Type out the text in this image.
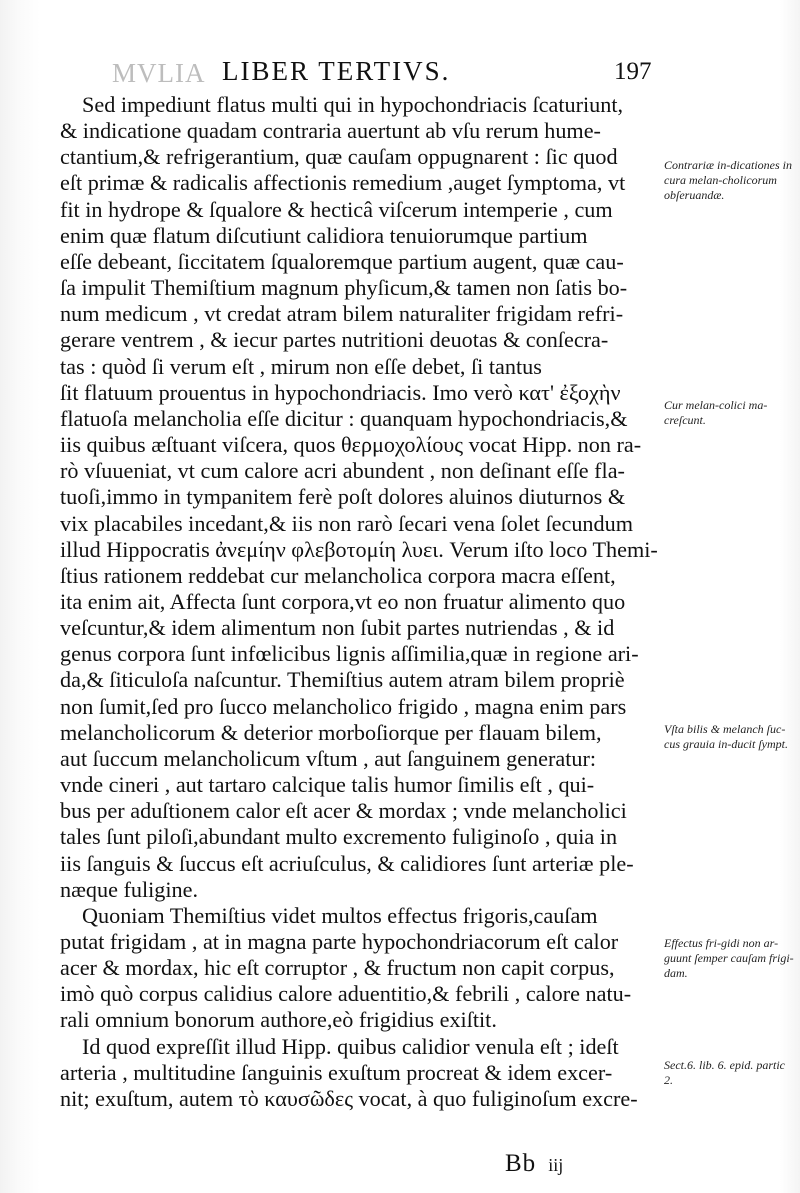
MVLIA LIBER TERTIVS.	197
Sed impediunt flatus multi qui in hypochondriacis ſcaturiunt,
& indicatione quadam contraria auertunt ab vſu rerum hume-
ctantium,& refrigerantium, quæ cauſam oppugnarent : ſic quod
eſt primæ & radicalis affectionis remedium ,auget ſymptoma, vt
fit in hydrope & ſqualore & hecticâ viſcerum intemperie , cum
enim quæ flatum diſcutiunt calidiora tenuiorumque partium
eſſe debeant, ſiccitatem ſqualoremque partium augent, quæ cau-
ſa impulit Themiſtium magnum phyſicum,& tamen non ſatis bo-
num medicum , vt credat atram bilem naturaliter frigidam refri-
gerare ventrem , & iecur partes nutritioni deuotas & conſecra-
tas : quòd ſi verum eſt , mirum non eſſe debet, ſi tantus
ſit flatuum prouentus in hypochondriacis. Imo verò κατ' ἐξοχὴν
flatuoſa melancholia eſſe dicitur : quanquam hypochondriacis,&
iis quibus æſtuant viſcera, quos θερμοχολίους vocat Hipp. non ra-
rò vſuueniat, vt cum calore acri abundent , non deſinant eſſe fla-
tuoſi,immo in tympanitem ferè poſt dolores aluinos diuturnos &
vix placabiles incedant,& iis non rarò ſecari vena ſolet ſecundum
illud Hippocratis ἀνεμίην φλεβοτομίη λυει. Verum iſto loco Themi-
ſtius rationem reddebat cur melancholica corpora macra eſſent,
ita enim ait, Affecta ſunt corpora,vt eo non fruatur alimento quo
veſcuntur,& idem alimentum non ſubit partes nutriendas , & id
genus corpora ſunt infœlicibus lignis aſſimilia,quæ in regione ari-
da,& ſiticuloſa naſcuntur. Themiſtius autem atram bilem propriè
non ſumit,ſed pro ſucco melancholico frigido , magna enim pars
melancholicorum & deterior morboſiorque per flauam bilem,
aut ſuccum melancholicum vſtum , aut ſanguinem generatur:
vnde cineri , aut tartaro calcique talis humor ſimilis eſt , qui-
bus per aduſtionem calor eſt acer & mordax ; vnde melancholici
tales ſunt piloſi,abundant multo excremento fuliginoſo , quia in
iis ſanguis & ſuccus eſt acriuſculus, & calidiores ſunt arteriæ ple-
næque fuligine.
Quoniam Themiſtius videt multos effectus frigoris,cauſam
putat frigidam , at in magna parte hypochondriacorum eſt calor
acer & mordax, hic eſt corruptor , & fructum non capit corpus,
imò quò corpus calidius calore aduentitio,& febrili , calore natu-
rali omnium bonorum authore,eò frigidius exiſtit.
Id quod expreſſit illud Hipp. quibus calidior venula eſt ; ideſt
arteria , multitudine ſanguinis exuſtum procreat & idem excer-
nit; exuſtum, autem τὸ καυσῶδες vocat, à quo fuliginoſum excre-
Contrariæ in-dicationes in cura melan-cholicorum obſeruandæ.
Cur melan-colici ma-creſcunt.
Vſta bilis & melanch ſuc-cus grauia in-ducit ſympt.
Effectus fri-gidi non ar-guunt ſemper cauſam frigi-dam.
Sect.6. lib. 6. epid. partic 2.
Bb iij
